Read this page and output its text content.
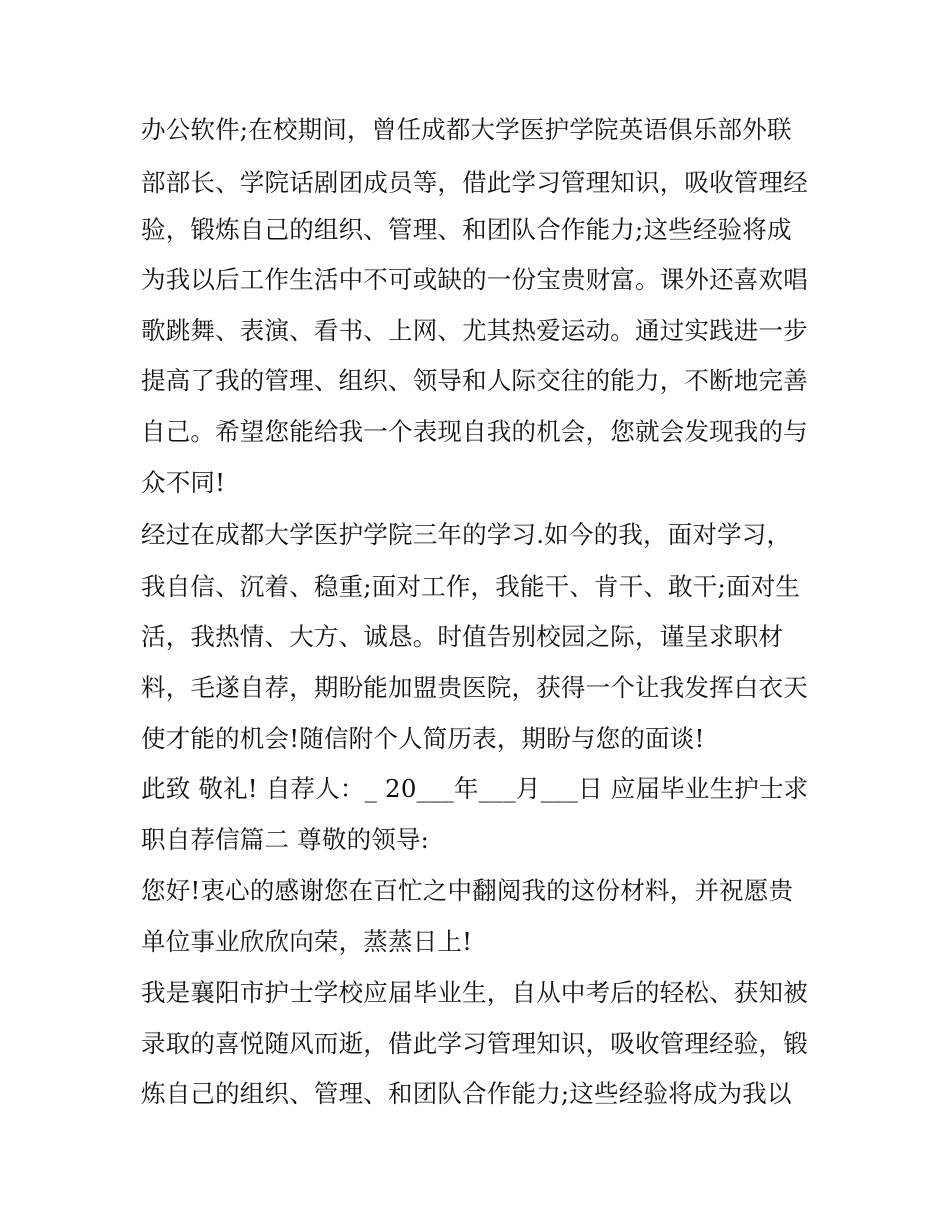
办公软件;在校期间，曾任成都大学医护学院英语俱乐部外联
部部长、学院话剧团成员等，借此学习管理知识，吸收管理经
验，锻炼自己的组织、管理、和团队合作能力;这些经验将成
为我以后工作生活中不可或缺的一份宝贵财富。课外还喜欢唱
歌跳舞、表演、看书、上网、尤其热爱运动。通过实践进一步
提高了我的管理、组织、领导和人际交往的能力，不断地完善
自己。希望您能给我一个表现自我的机会，您就会发现我的与
众不同!
经过在成都大学医护学院三年的学习.如今的我，面对学习，
我自信、沉着、稳重;面对工作，我能干、肯干、敢干;面对生
活，我热情、大方、诚恳。时值告别校园之际，谨呈求职材
料，毛遂自荐，期盼能加盟贵医院，获得一个让我发挥白衣天
使才能的机会!随信附个人简历表，期盼与您的面谈!
此致 敬礼! 自荐人：_ 20___年___月___日 应届毕业生护士求
职自荐信篇二 尊敬的领导:
您好!衷心的感谢您在百忙之中翻阅我的这份材料，并祝愿贵
单位事业欣欣向荣，蒸蒸日上!
我是襄阳市护士学校应届毕业生，自从中考后的轻松、获知被
录取的喜悦随风而逝，借此学习管理知识，吸收管理经验，锻
炼自己的组织、管理、和团队合作能力;这些经验将成为我以
